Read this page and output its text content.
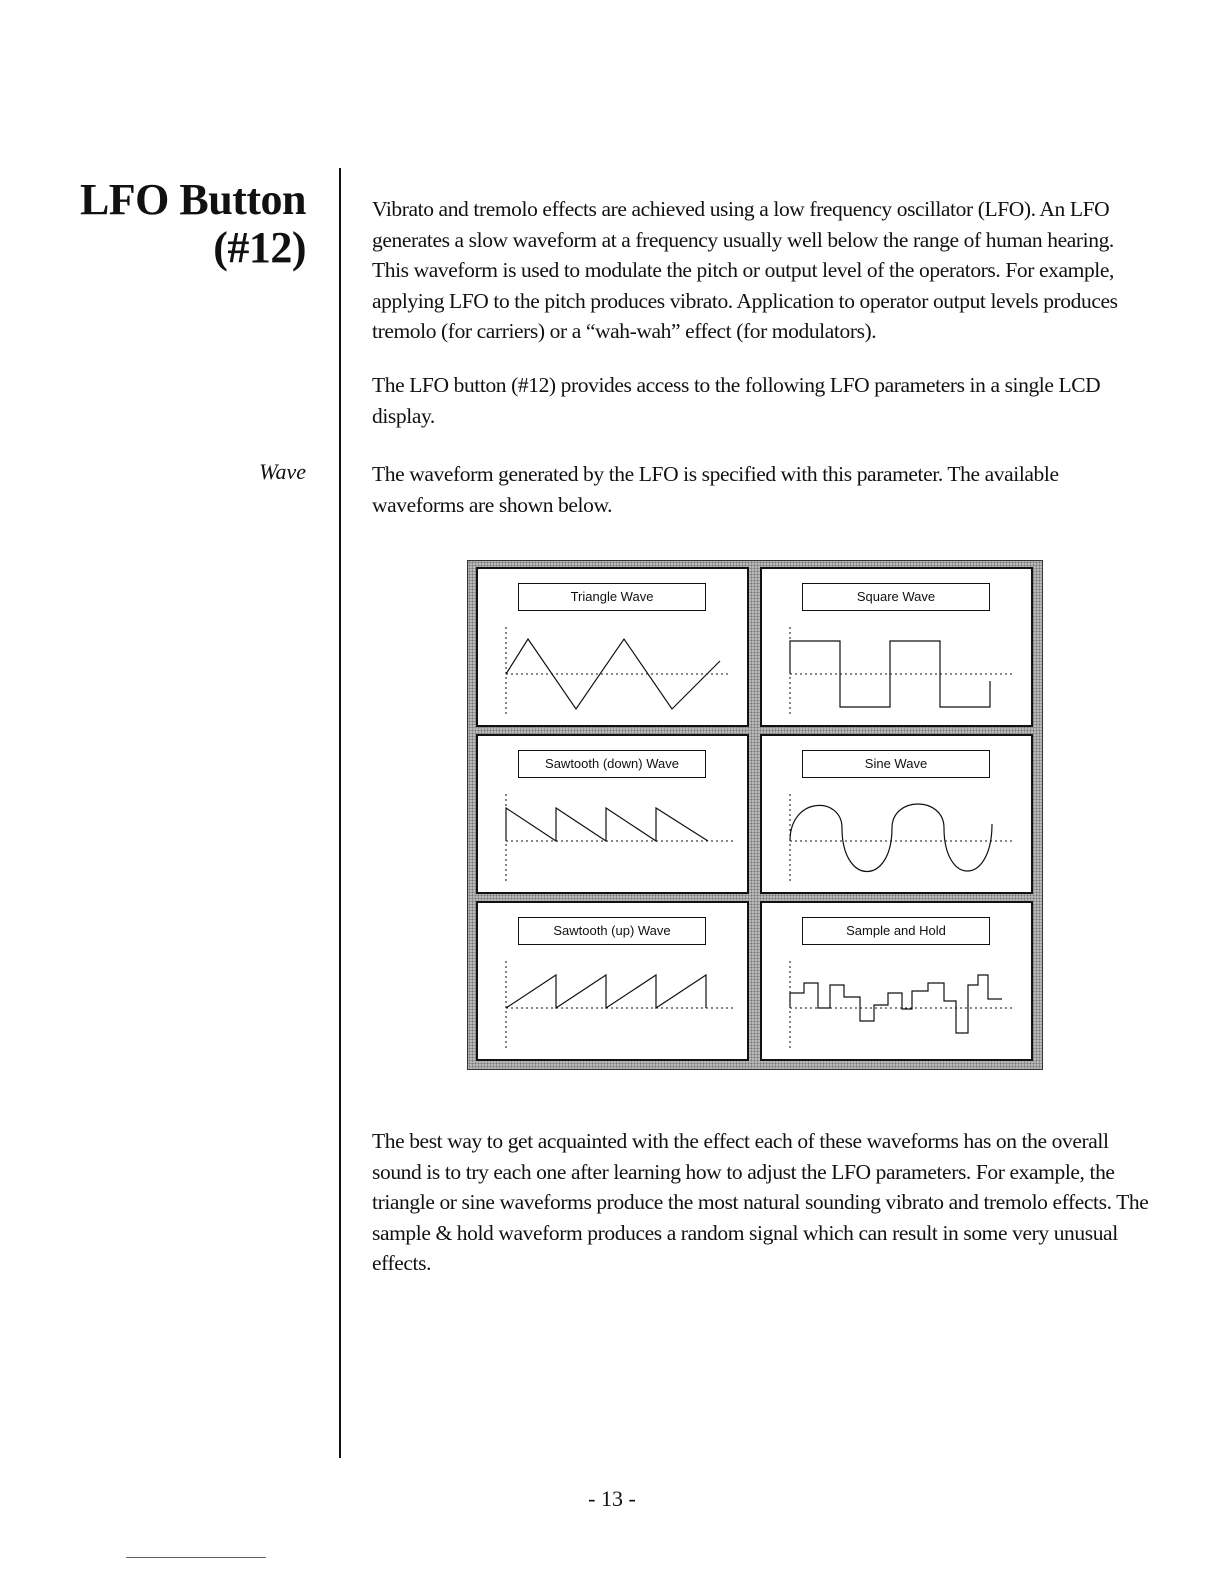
LFO Button
(#12)
Wave

Vibrato and tremolo effects are achieved using a low frequency oscillator (LFO). An LFO generates a slow waveform at a frequency usually well below the range of human hearing. This waveform is used to modulate the pitch or output level of the operators. For example, applying LFO to the pitch produces vibrato. Application to operator output levels produces tremolo (for carriers) or a “wah-wah” effect (for modulators).

The LFO button (#12) provides access to the following LFO parameters in a single LCD display.

The waveform generated by the LFO is specified with this parameter. The available waveforms are shown below.

Triangle Wave	Square Wave
Sawtooth (down) Wave	Sine Wave
Sawtooth (up) Wave	Sample and Hold

The best way to get acquainted with the effect each of these waveforms has on the overall sound is to try each one after learning how to adjust the LFO parameters. For example, the triangle or sine waveforms produce the most natural sounding vibrato and tremolo effects. The sample & hold waveform produces a random signal which can result in some very unusual effects.

- 13 -
